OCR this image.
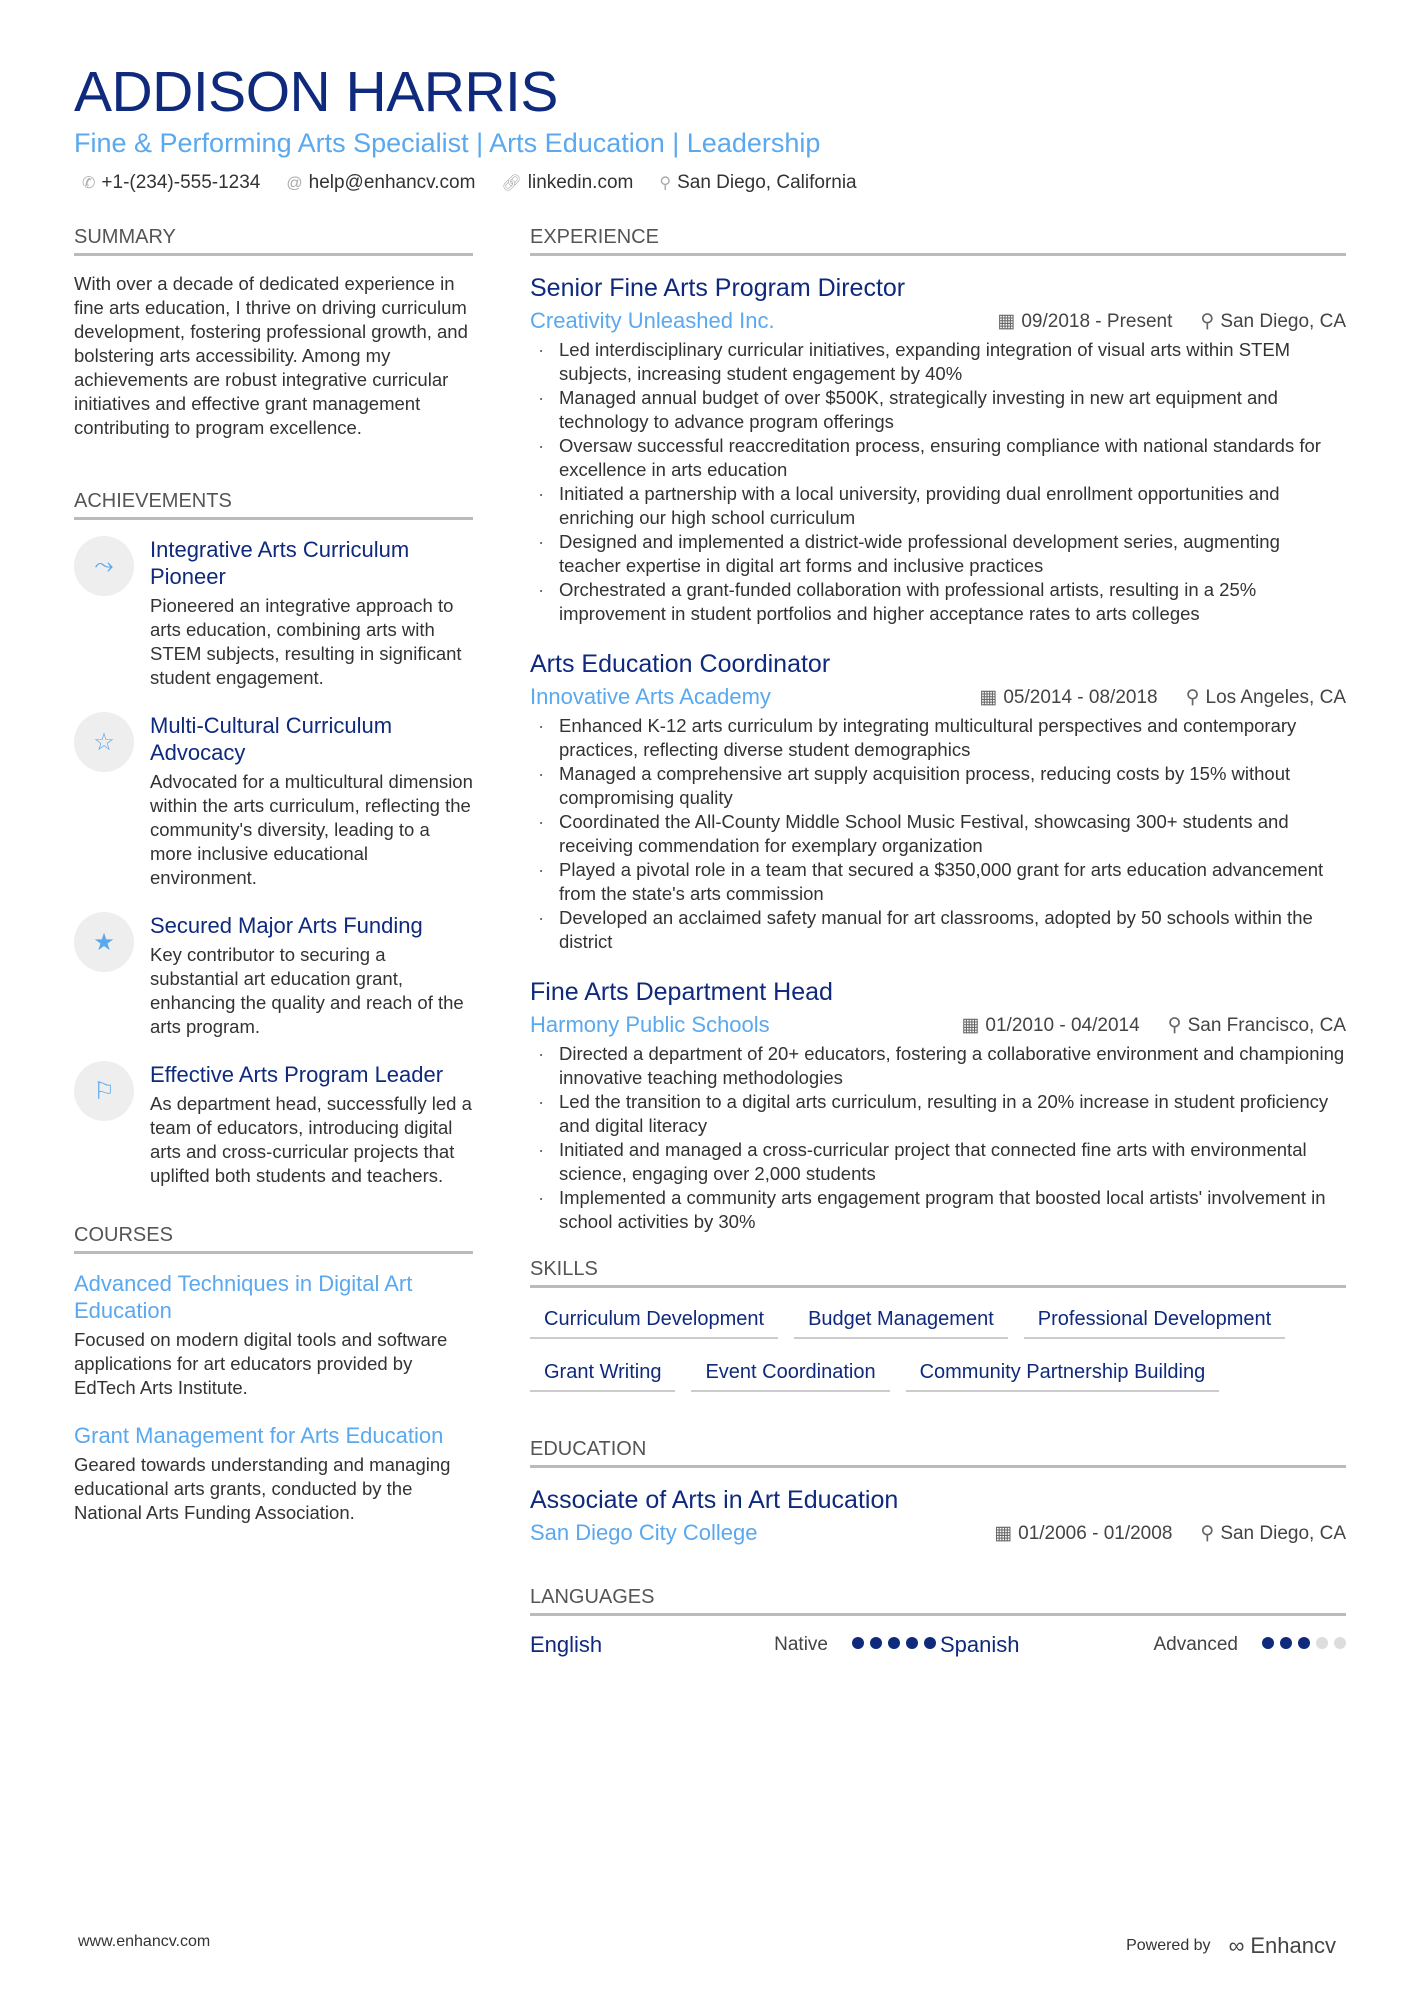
ADDISON HARRIS
Fine & Performing Arts Specialist | Arts Education | Leadership
✆ +1-(234)-555-1234 @ help@enhancv.com 🔗︎ linkedin.com ⚲ San Diego, California
SUMMARY

With over a decade of dedicated experience in fine arts education, I thrive on driving curriculum development, fostering professional growth, and bolstering arts accessibility. Among my achievements are robust integrative curricular initiatives and effective grant management contributing to program excellence.

ACHIEVEMENTS
⤳
Integrative Arts Curriculum Pioneer

Pioneered an integrative approach to arts education, combining arts with STEM subjects, resulting in significant student engagement.

☆
Multi-Cultural Curriculum Advocacy

Advocated for a multicultural dimension within the arts curriculum, reflecting the community's diversity, leading to a more inclusive educational environment.

★
Secured Major Arts Funding

Key contributor to securing a substantial art education grant, enhancing the quality and reach of the arts program.

⚐
Effective Arts Program Leader

As department head, successfully led a team of educators, introducing digital arts and cross-curricular projects that uplifted both students and teachers.

COURSES
Advanced Techniques in Digital Art Education

Focused on modern digital tools and software applications for art educators provided by EdTech Arts Institute.

Grant Management for Arts Education

Geared towards understanding and managing educational arts grants, conducted by the National Arts Funding Association.

EXPERIENCE
Senior Fine Arts Program Director
Creativity Unleashed Inc.	▦ 09/2018 - Present ⚲ San Diego, CA
· Led interdisciplinary curricular initiatives, expanding integration of visual arts within STEM subjects, increasing student engagement by 40%
· Managed annual budget of over $500K, strategically investing in new art equipment and technology to advance program offerings
· Oversaw successful reaccreditation process, ensuring compliance with national standards for excellence in arts education
· Initiated a partnership with a local university, providing dual enrollment opportunities and enriching our high school curriculum
· Designed and implemented a district-wide professional development series, augmenting teacher expertise in digital art forms and inclusive practices
· Orchestrated a grant-funded collaboration with professional artists, resulting in a 25% improvement in student portfolios and higher acceptance rates to arts colleges
Arts Education Coordinator
Innovative Arts Academy	▦ 05/2014 - 08/2018 ⚲ Los Angeles, CA
· Enhanced K-12 arts curriculum by integrating multicultural perspectives and contemporary practices, reflecting diverse student demographics
· Managed a comprehensive art supply acquisition process, reducing costs by 15% without compromising quality
· Coordinated the All-County Middle School Music Festival, showcasing 300+ students and receiving commendation for exemplary organization
· Played a pivotal role in a team that secured a $350,000 grant for arts education advancement from the state's arts commission
· Developed an acclaimed safety manual for art classrooms, adopted by 50 schools within the district
Fine Arts Department Head
Harmony Public Schools	▦ 01/2010 - 04/2014 ⚲ San Francisco, CA
· Directed a department of 20+ educators, fostering a collaborative environment and championing innovative teaching methodologies
· Led the transition to a digital arts curriculum, resulting in a 20% increase in student proficiency and digital literacy
· Initiated and managed a cross-curricular project that connected fine arts with environmental science, engaging over 2,000 students
· Implemented a community arts engagement program that boosted local artists' involvement in school activities by 30%
SKILLS
Curriculum Development	Budget Management	Professional Development
Grant Writing	Event Coordination	Community Partnership Building
EDUCATION
Associate of Arts in Art Education
San Diego City College	▦ 01/2006 - 01/2008 ⚲ San Diego, CA
LANGUAGES
English	Native	Spanish	Advanced
www.enhancv.com	Powered by ∞ Enhancv
